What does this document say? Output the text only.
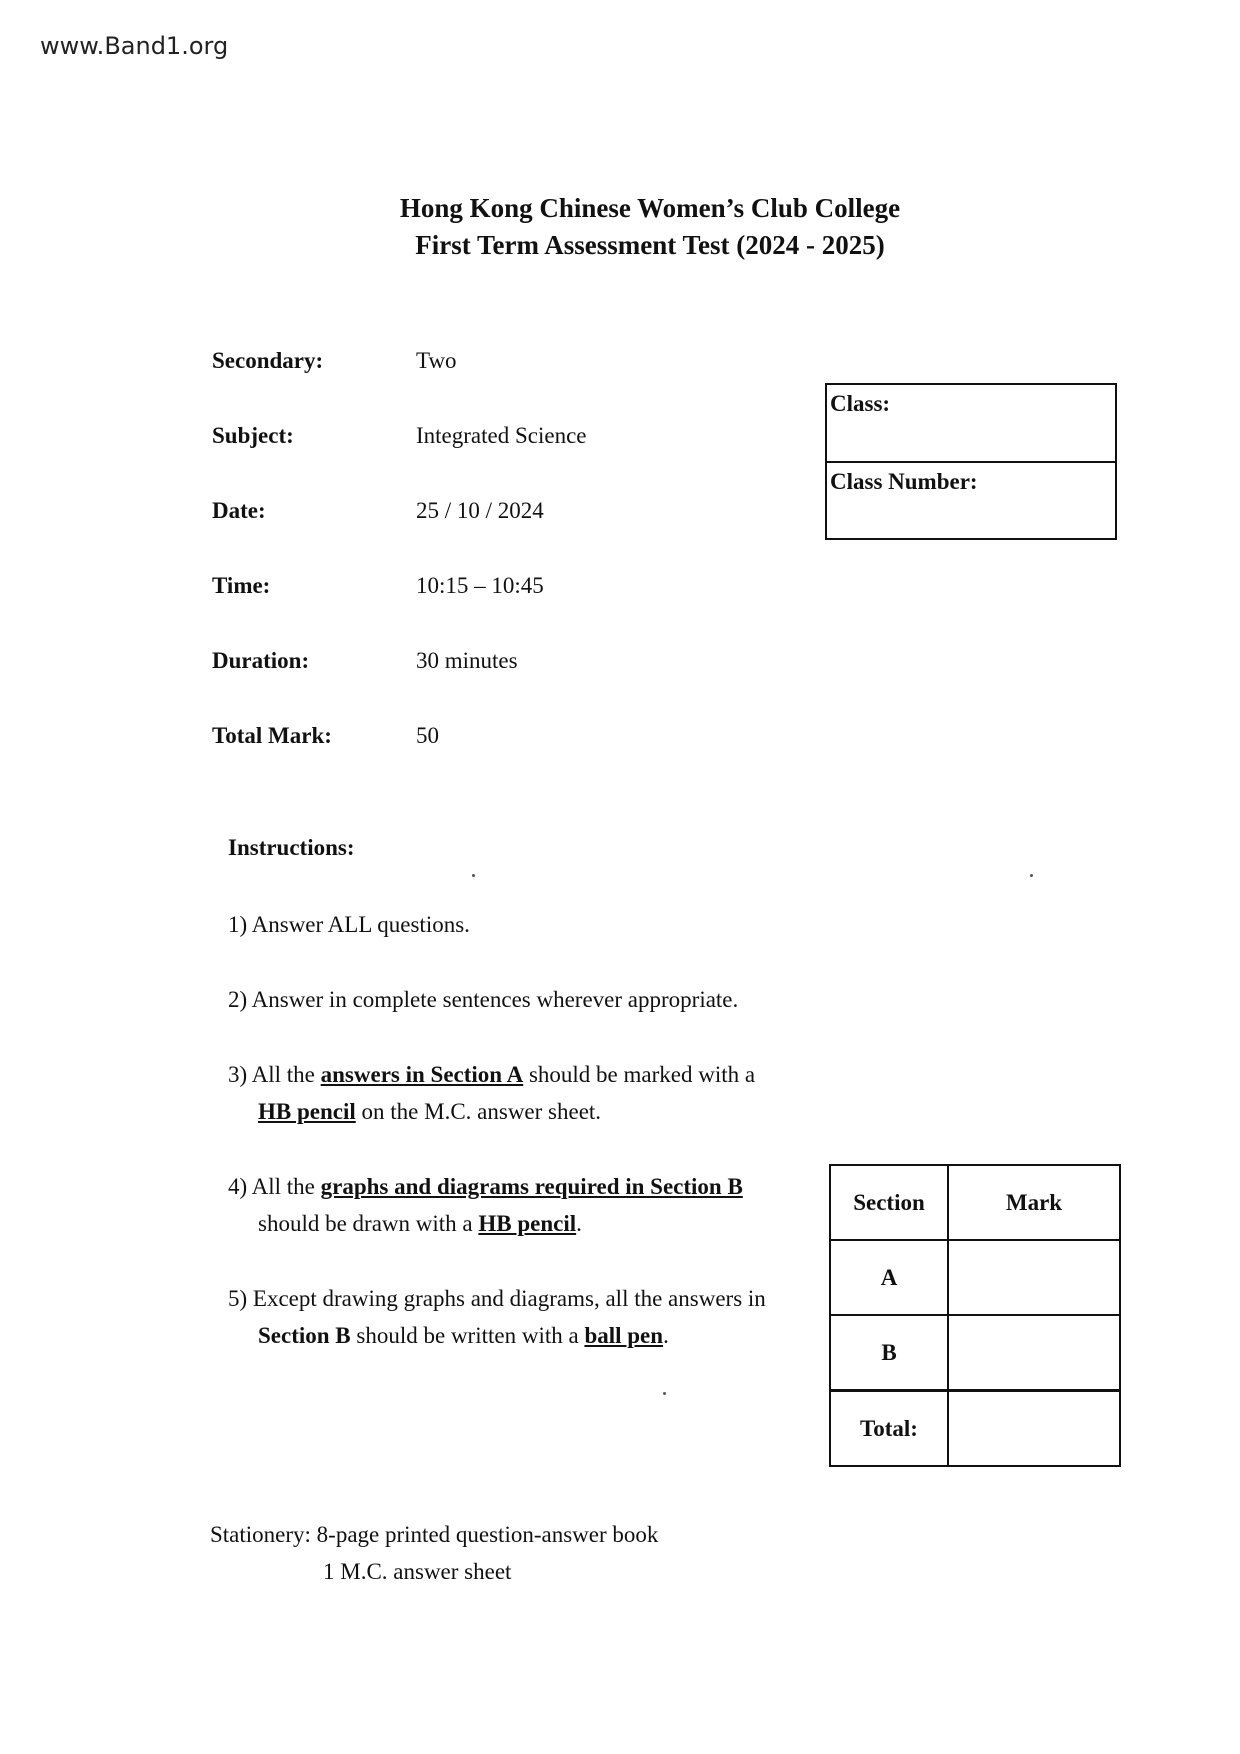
www.Band1.org
Hong Kong Chinese Women’s Club College
First Term Assessment Test (2024 - 2025)
Secondary:	Two
Subject:	Integrated Science
Date:	25 / 10 / 2024
Time:	10:15 – 10:45
Duration:	30 minutes
Total Mark:	50
Class:
Class Number:
Instructions:
1) Answer ALL questions.
2) Answer in complete sentences wherever appropriate.
3) All the answers in Section A should be marked with a
HB pencil on the M.C. answer sheet.
4) All the graphs and diagrams required in Section B
should be drawn with a HB pencil.
5) Except drawing graphs and diagrams, all the answers in
Section B should be written with a ball pen.
Section	Mark
A	
B	
Total:	
Stationery: 8-page printed question-answer book
1 M.C. answer sheet
